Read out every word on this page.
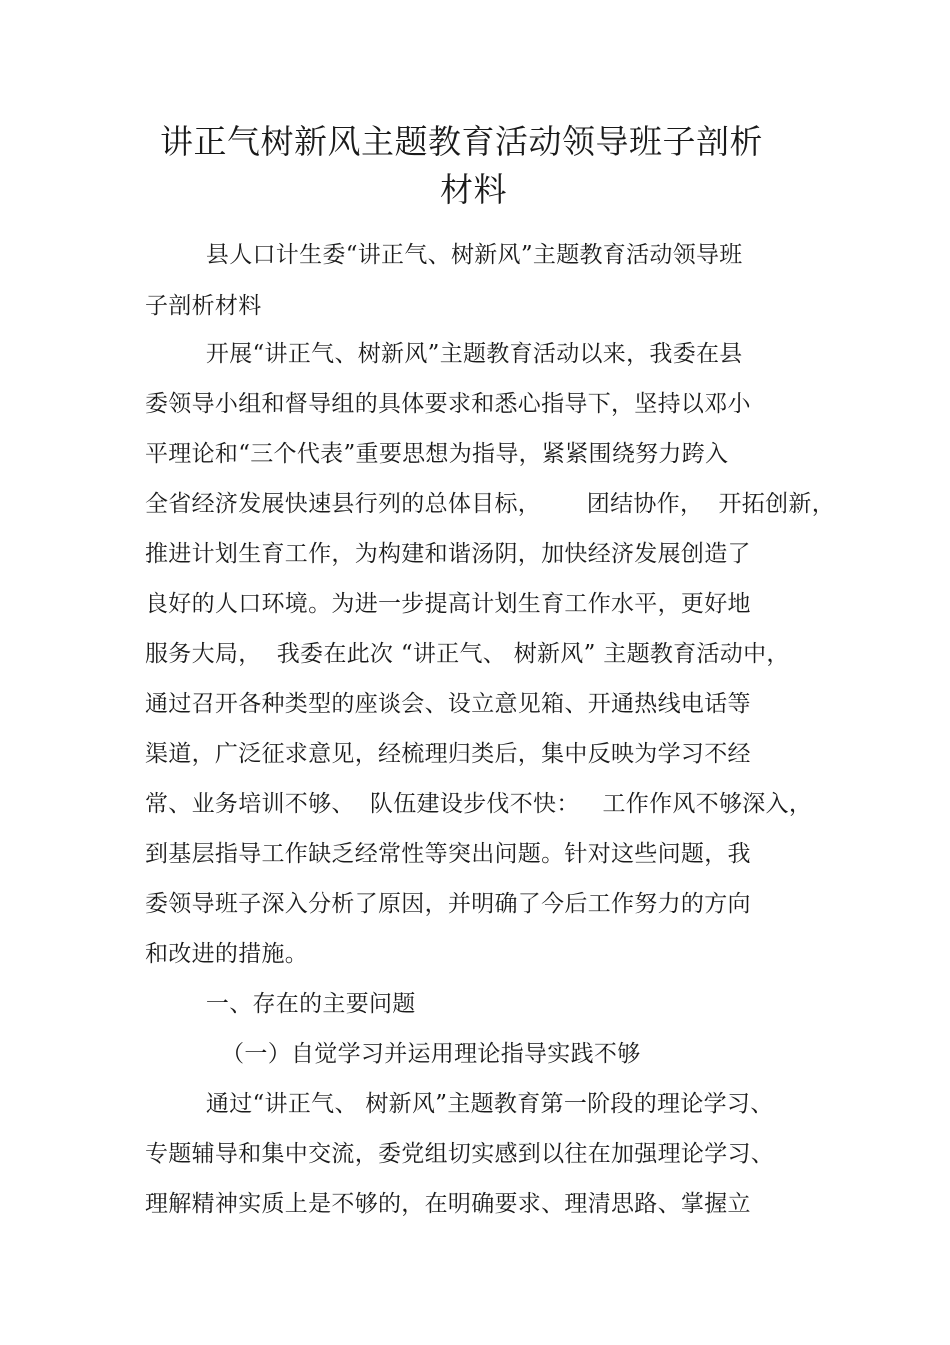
讲正气树新风主题教育活动领导班子剖析
材料
县人口计生委“讲正气、树新风”主题教育活动领导班
子剖析材料
开展“讲正气、树新风”主题教育活动以来，我委在县
委领导小组和督导组的具体要求和悉心指导下，坚持以邓小
平理论和“三个代表”重要思想为指导，紧紧围绕努力跨入
全省经济发展快速县行列的总体目标，      团结协作，  开拓创新，
推进计划生育工作，为构建和谐汤阴，加快经济发展创造了
良好的人口环境。为进一步提高计划生育工作水平，更好地
服务大局，  我委在此次 “讲正气、 树新风” 主题教育活动中，
通过召开各种类型的座谈会、设立意见箱、开通热线电话等
渠道，广泛征求意见，经梳理归类后，集中反映为学习不经
常、业务培训不够、  队伍建设步伐不快：   工作作风不够深入，
到基层指导工作缺乏经常性等突出问题。针对这些问题，我
委领导班子深入分析了原因，并明确了今后工作努力的方向
和改进的措施。
一、存在的主要问题
（一）自觉学习并运用理论指导实践不够
通过“讲正气、 树新风”主题教育第一阶段的理论学习、
专题辅导和集中交流，委党组切实感到以往在加强理论学习、
理解精神实质上是不够的，在明确要求、理清思路、掌握立
